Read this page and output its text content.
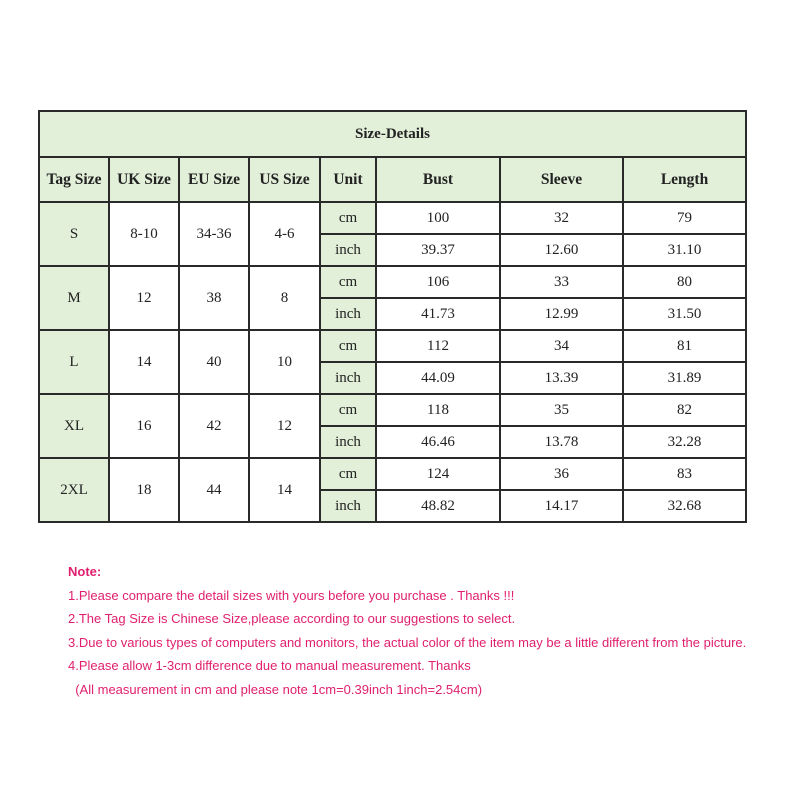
Size-Details							
Tag Size	UK Size	EU Size	US Size	Unit	Bust	Sleeve	Length
S	8-10	34-36	4-6	cm	100	32	79
				inch	39.37	12.60	31.10
M	12	38	8	cm	106	33	80
				inch	41.73	12.99	31.50
L	14	40	10	cm	112	34	81
				inch	44.09	13.39	31.89
XL	16	42	12	cm	118	35	82
				inch	46.46	13.78	32.28
2XL	18	44	14	cm	124	36	83
				inch	48.82	14.17	32.68
Note:
1.Please compare the detail sizes with yours before you purchase . Thanks !!!
2.The Tag Size is Chinese Size,please according to our suggestions to select.
3.Due to various types of computers and monitors, the actual color of the item may be a little different from the picture.
4.Please allow 1-3cm difference due to manual measurement. Thanks
(All measurement in cm and please note 1cm=0.39inch 1inch=2.54cm)
